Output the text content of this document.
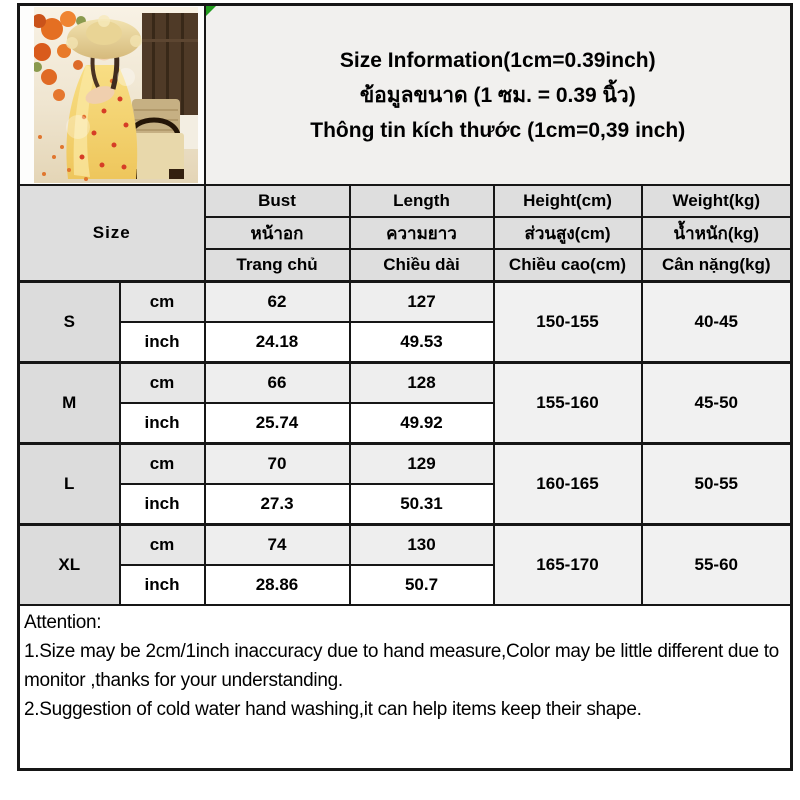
Size Information(1cm=0.39inch)
ข้อมูลขนาด (1 ซม. = 0.39 นิ้ว)
Thông tin kích thước (1cm=0,39 inch)			

Size		Bust	Length	Height(cm)	Weight(kg)
		หน้าอก	ความยาว	ส่วนสูง(cm)	น้ำหนัก(kg)
		Trang chủ	Chiều dài	Chiều cao(cm)	Cân nặng(kg)
S	cm	62	127	150-155	40-45
	inch	24.18	49.53		
M	cm	66	128	155-160	45-50
	inch	25.74	49.92		
L	cm	70	129	160-165	50-55
	inch	27.3	50.31		
XL	cm	74	130	165-170	55-60
	inch	28.86	50.7		

Attention:
1.Size may be 2cm/1inch inaccuracy due to hand measure,Color may be little different due to monitor ,thanks for your understanding.
2.Suggestion of cold water hand washing,it can help items keep their shape.					
